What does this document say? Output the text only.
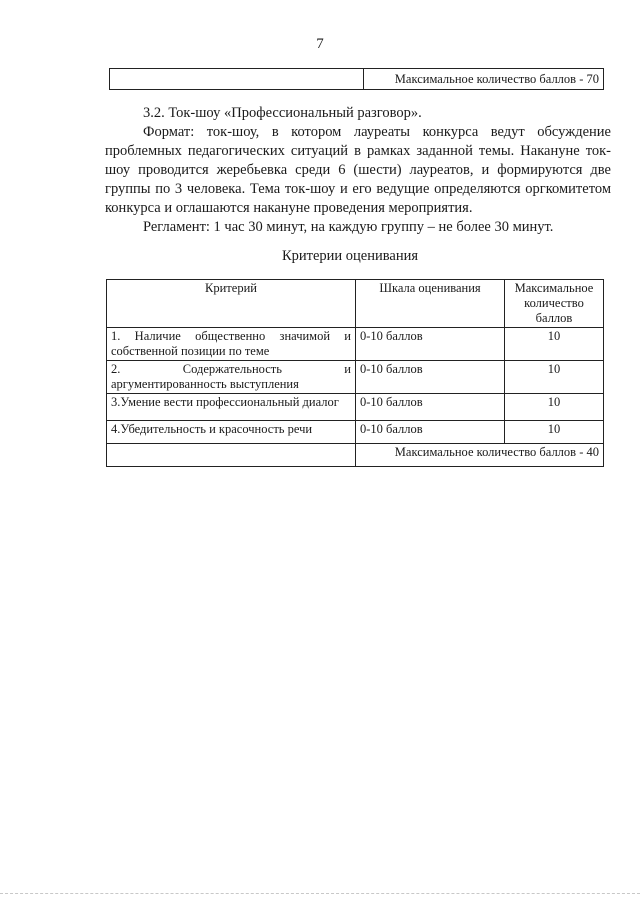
7
	Максимальное количество баллов - 70

3.2. Ток-шоу «Профессиональный разговор».

Формат: ток-шоу, в котором лауреаты конкурса ведут обсуждение проблемных педагогических ситуаций в рамках заданной темы. Накануне ток-шоу проводится жеребьевка среди 6 (шести) лауреатов, и формируются две группы по 3 человека. Тема ток-шоу и его ведущие определяются оргкомитетом конкурса и оглашаются накануне проведения мероприятия.

Регламент: 1 час 30 минут, на каждую группу – не более 30 минут.

Критерии оценивания
Критерий	Шкала оценивания	Максимальное количество баллов
1. Наличие общественно значимой и собственной позиции по теме	0-10 баллов	10
2. Содержательность и аргументированность выступления	0-10 баллов	10
3.Умение вести профессиональный диалог	0-10 баллов	10
4.Убедительность и красочность речи	0-10 баллов	10
	Максимальное количество баллов - 40	
